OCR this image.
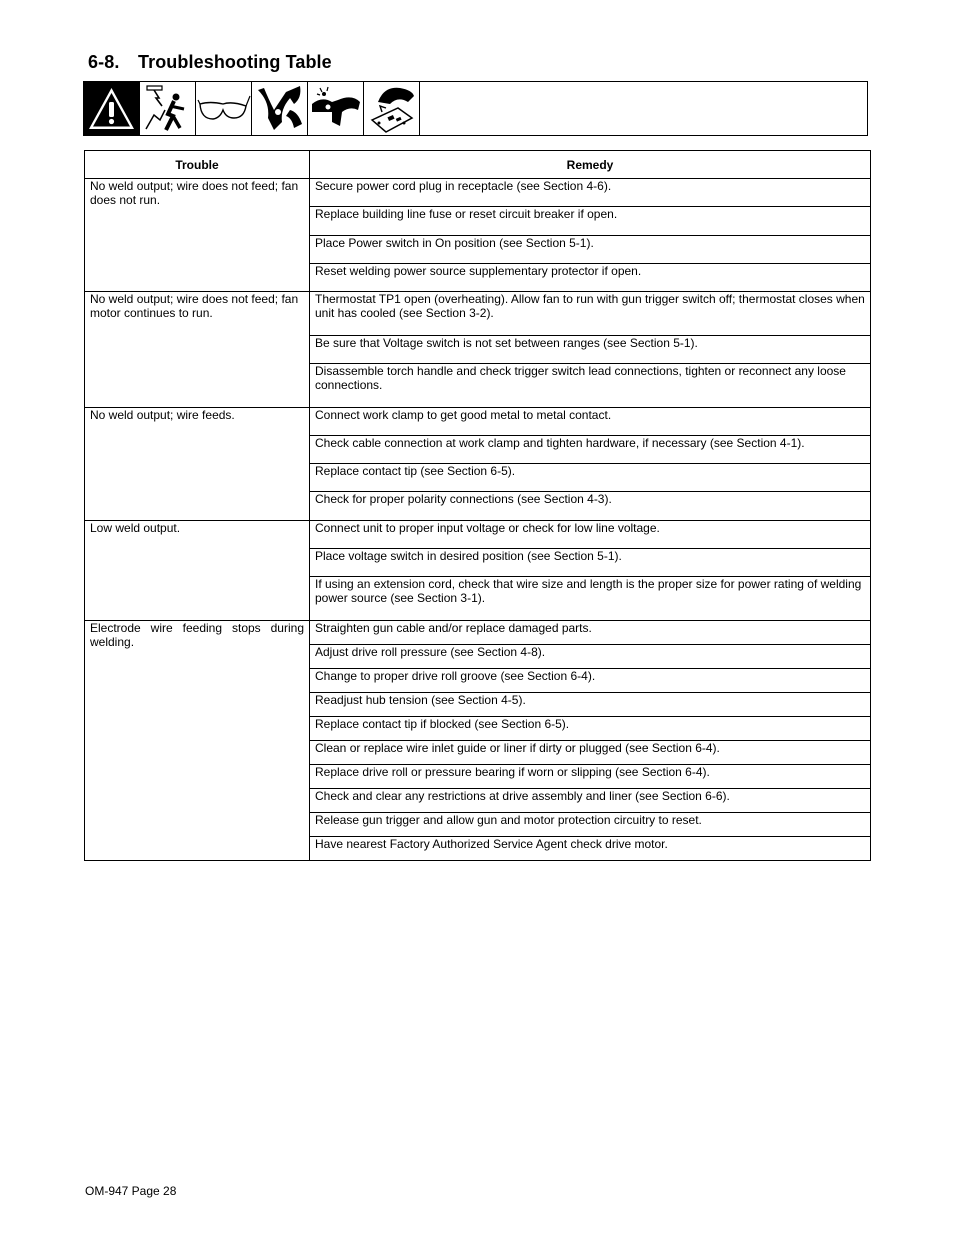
6-8. Troubleshooting Table
Trouble	Remedy
No weld output; wire does not feed; fan does not run.	Secure power cord plug in receptacle (see Section 4-6).
	Replace building line fuse or reset circuit breaker if open.
	Place Power switch in On position (see Section 5-1).
	Reset welding power source supplementary protector if open.
No weld output; wire does not feed; fan motor continues to run.	Thermostat TP1 open (overheating). Allow fan to run with gun trigger switch off; thermostat closes when unit has cooled (see Section 3-2).
	Be sure that Voltage switch is not set between ranges (see Section 5-1).
	Disassemble torch handle and check trigger switch lead connections, tighten or reconnect any loose connections.
No weld output; wire feeds.	Connect work clamp to get good metal to metal contact.
	Check cable connection at work clamp and tighten hardware, if necessary (see Section 4-1).
	Replace contact tip (see Section 6-5).
	Check for proper polarity connections (see Section 4-3).
Low weld output.	Connect unit to proper input voltage or check for low line voltage.
	Place voltage switch in desired position (see Section 5-1).
	If using an extension cord, check that wire size and length is the proper size for power rating of welding power source (see Section 3-1).
Electrode wire feeding stops during welding.	Straighten gun cable and/or replace damaged parts.
	Adjust drive roll pressure (see Section 4-8).
	Change to proper drive roll groove (see Section 6-4).
	Readjust hub tension (see Section 4-5).
	Replace contact tip if blocked (see Section 6-5).
	Clean or replace wire inlet guide or liner if dirty or plugged (see Section 6-4).
	Replace drive roll or pressure bearing if worn or slipping (see Section 6-4).
	Check and clear any restrictions at drive assembly and liner (see Section 6-6).
	Release gun trigger and allow gun and motor protection circuitry to reset.
	Have nearest Factory Authorized Service Agent check drive motor.
OM-947 Page 28
